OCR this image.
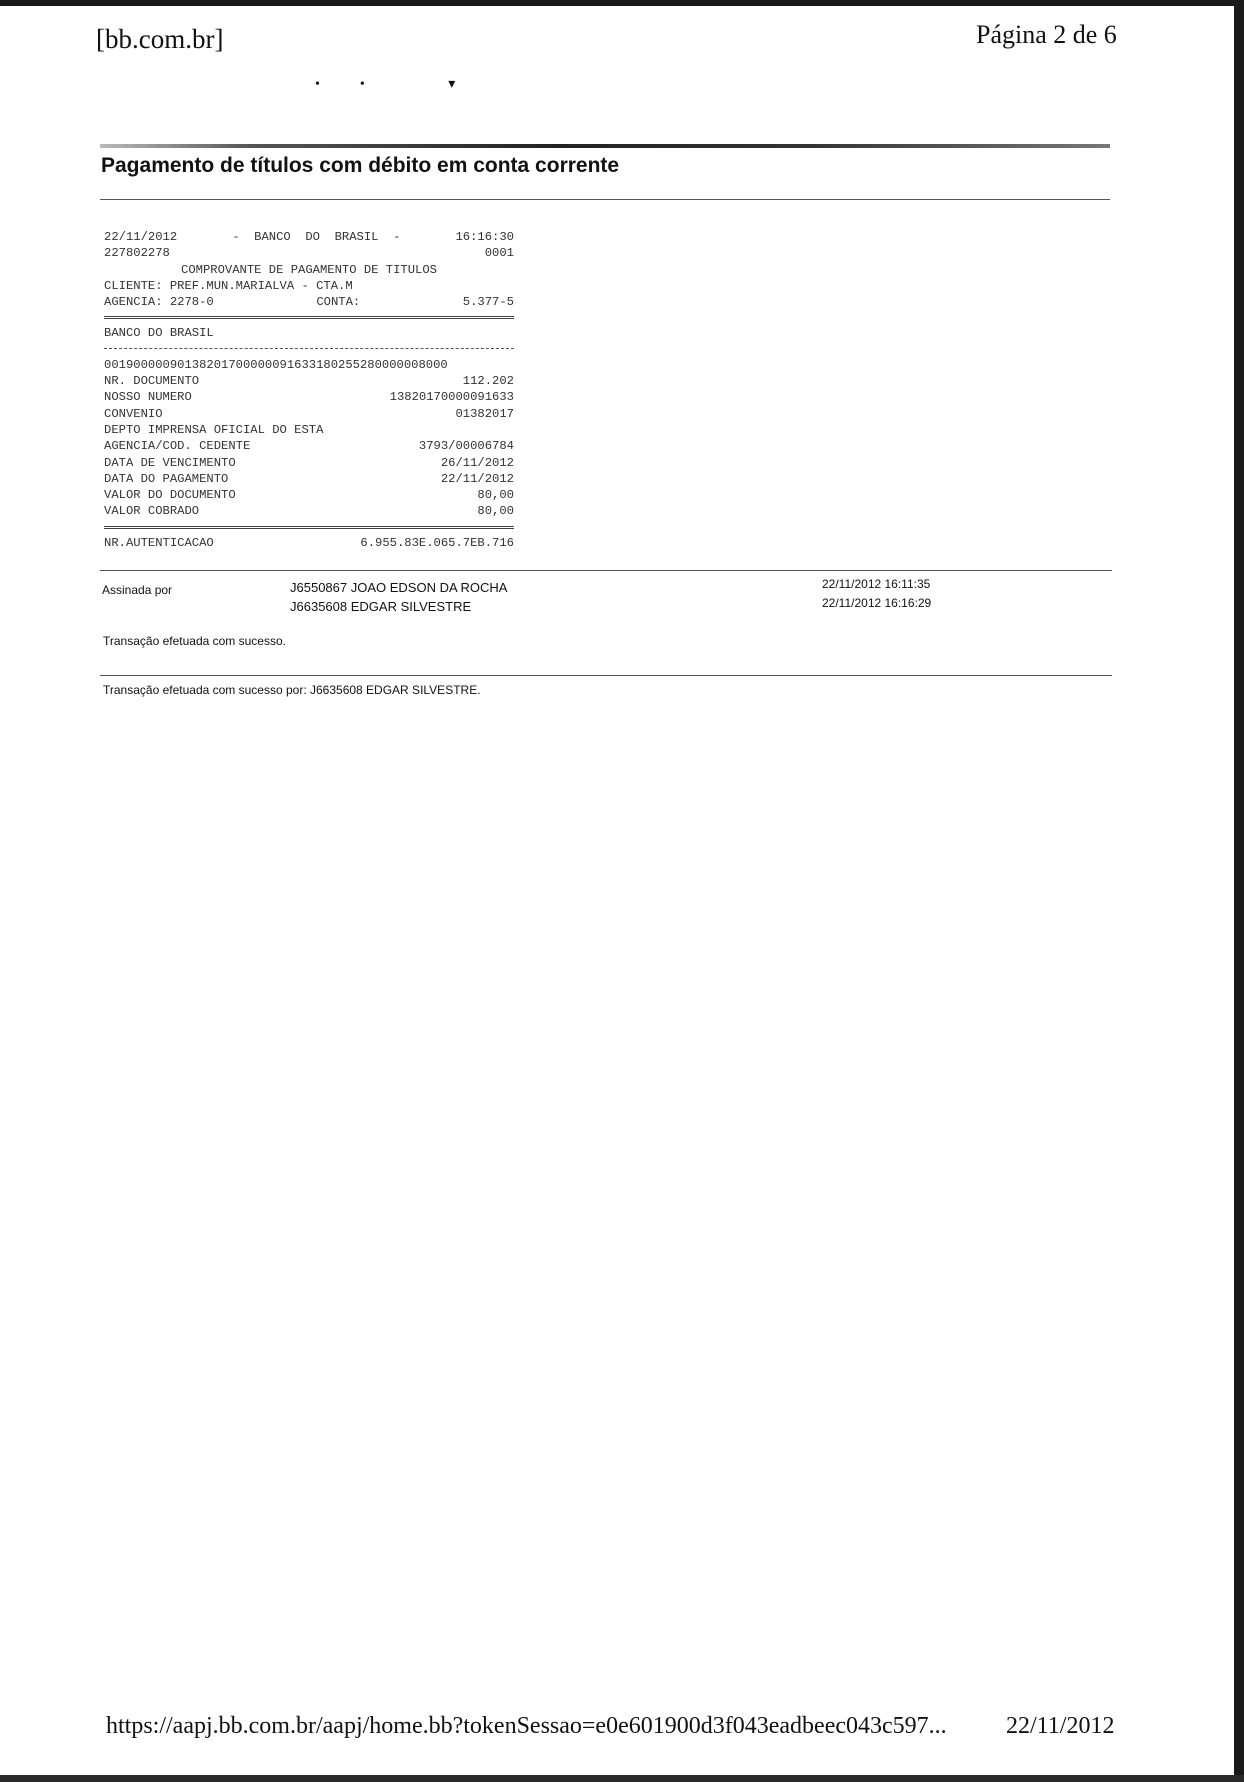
[bb.com.br]	Página 2 de 6
•• ▾
Pagamento de títulos com débito em conta corrente
22/11/2012	-  BANCO  DO  BRASIL  -	16:16:30
227802278	0001
COMPROVANTE DE PAGAMENTO DE TITULOS
CLIENTE: PREF.MUN.MARIALVA - CTA.M
AGENCIA: 2278-0	CONTA:	5.377-5
BANCO DO BRASIL
00190000090138201700000091633180255280000008000
NR. DOCUMENTO	112.202
NOSSO NUMERO	13820170000091633
CONVENIO	01382017
DEPTO IMPRENSA OFICIAL DO ESTA
AGENCIA/COD. CEDENTE	3793/00006784
DATA DE VENCIMENTO	26/11/2012
DATA DO PAGAMENTO	22/11/2012
VALOR DO DOCUMENTO	80,00
VALOR COBRADO	80,00
NR.AUTENTICACAO	6.955.83E.065.7EB.716
Assinada por	J6550867 JOAO EDSON DA ROCHA	22/11/2012 16:11:35
J6635608 EDGAR SILVESTRE	22/11/2012 16:16:29
Transação efetuada com sucesso.
Transação efetuada com sucesso por: J6635608 EDGAR SILVESTRE.
https://aapj.bb.com.br/aapj/home.bb?tokenSessao=e0e601900d3f043eadbeec043c597... 22/11/2012
